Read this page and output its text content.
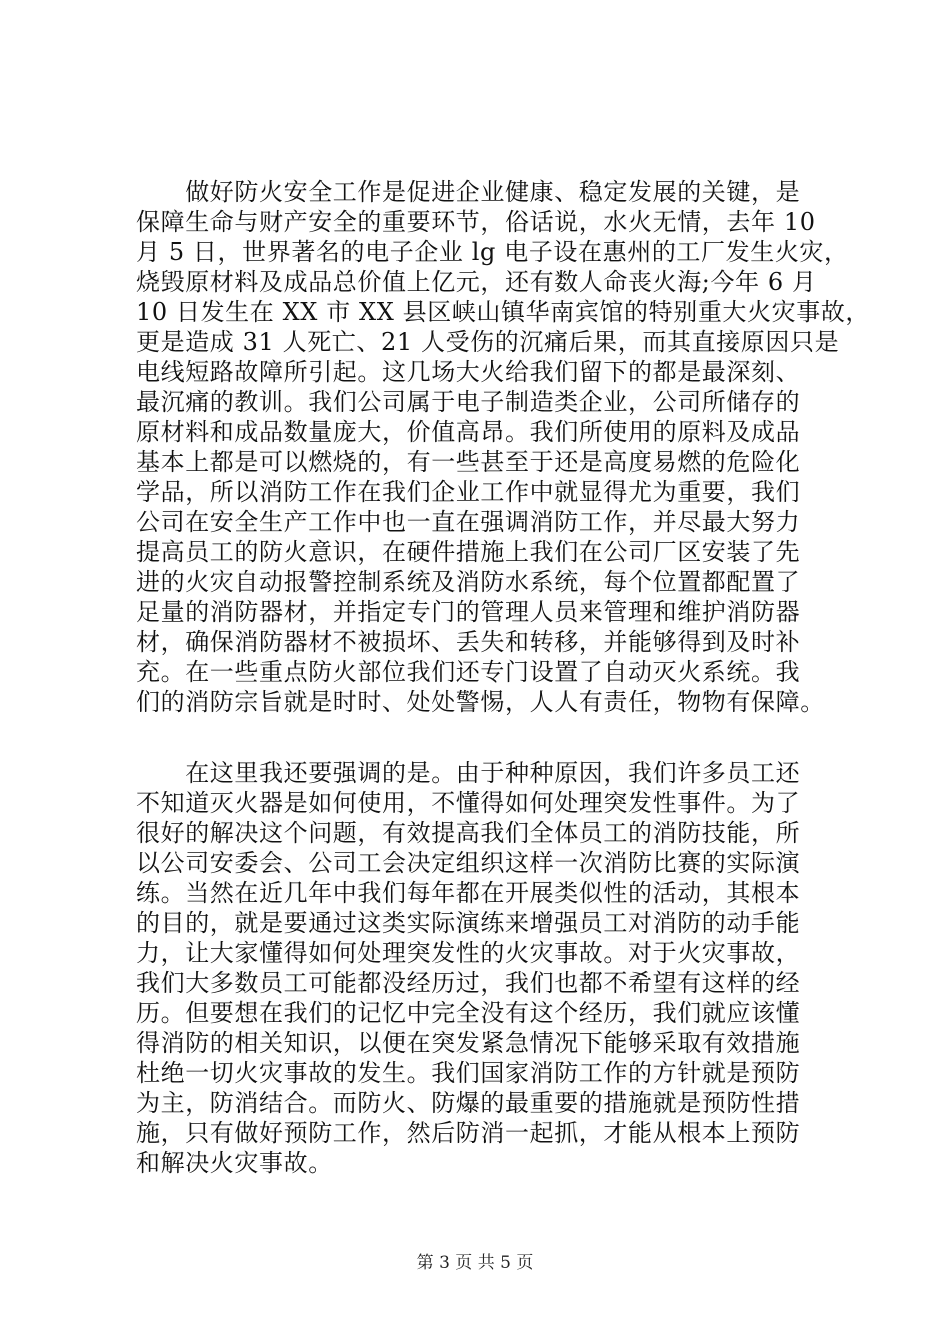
　　做好防火安全工作是促进企业健康、稳定发展的关键，是
保障生命与财产安全的重要环节，俗话说，水火无情，去年 10
月 5 日，世界著名的电子企业 lg 电子设在惠州的工厂发生火灾，
烧毁原材料及成品总价值上亿元，还有数人命丧火海;今年 6 月
10 日发生在 XX 市 XX 县区峡山镇华南宾馆的特别重大火灾事故，
更是造成 31 人死亡、21 人受伤的沉痛后果，而其直接原因只是
电线短路故障所引起。这几场大火给我们留下的都是最深刻、
最沉痛的教训。我们公司属于电子制造类企业，公司所储存的
原材料和成品数量庞大，价值高昂。我们所使用的原料及成品
基本上都是可以燃烧的，有一些甚至于还是高度易燃的危险化
学品，所以消防工作在我们企业工作中就显得尤为重要，我们
公司在安全生产工作中也一直在强调消防工作，并尽最大努力
提高员工的防火意识，在硬件措施上我们在公司厂区安装了先
进的火灾自动报警控制系统及消防水系统，每个位置都配置了
足量的消防器材，并指定专门的管理人员来管理和维护消防器
材，确保消防器材不被损坏、丢失和转移，并能够得到及时补
充。在一些重点防火部位我们还专门设置了自动灭火系统。我
们的消防宗旨就是时时、处处警惕，人人有责任，物物有保障。
　　在这里我还要强调的是。由于种种原因，我们许多员工还
不知道灭火器是如何使用，不懂得如何处理突发性事件。为了
很好的解决这个问题，有效提高我们全体员工的消防技能，所
以公司安委会、公司工会决定组织这样一次消防比赛的实际演
练。当然在近几年中我们每年都在开展类似性的活动，其根本
的目的，就是要通过这类实际演练来增强员工对消防的动手能
力，让大家懂得如何处理突发性的火灾事故。对于火灾事故，
我们大多数员工可能都没经历过，我们也都不希望有这样的经
历。但要想在我们的记忆中完全没有这个经历，我们就应该懂
得消防的相关知识，以便在突发紧急情况下能够采取有效措施
杜绝一切火灾事故的发生。我们国家消防工作的方针就是预防
为主，防消结合。而防火、防爆的最重要的措施就是预防性措
施，只有做好预防工作，然后防消一起抓，才能从根本上预防
和解决火灾事故。
第 3 页 共 5 页
